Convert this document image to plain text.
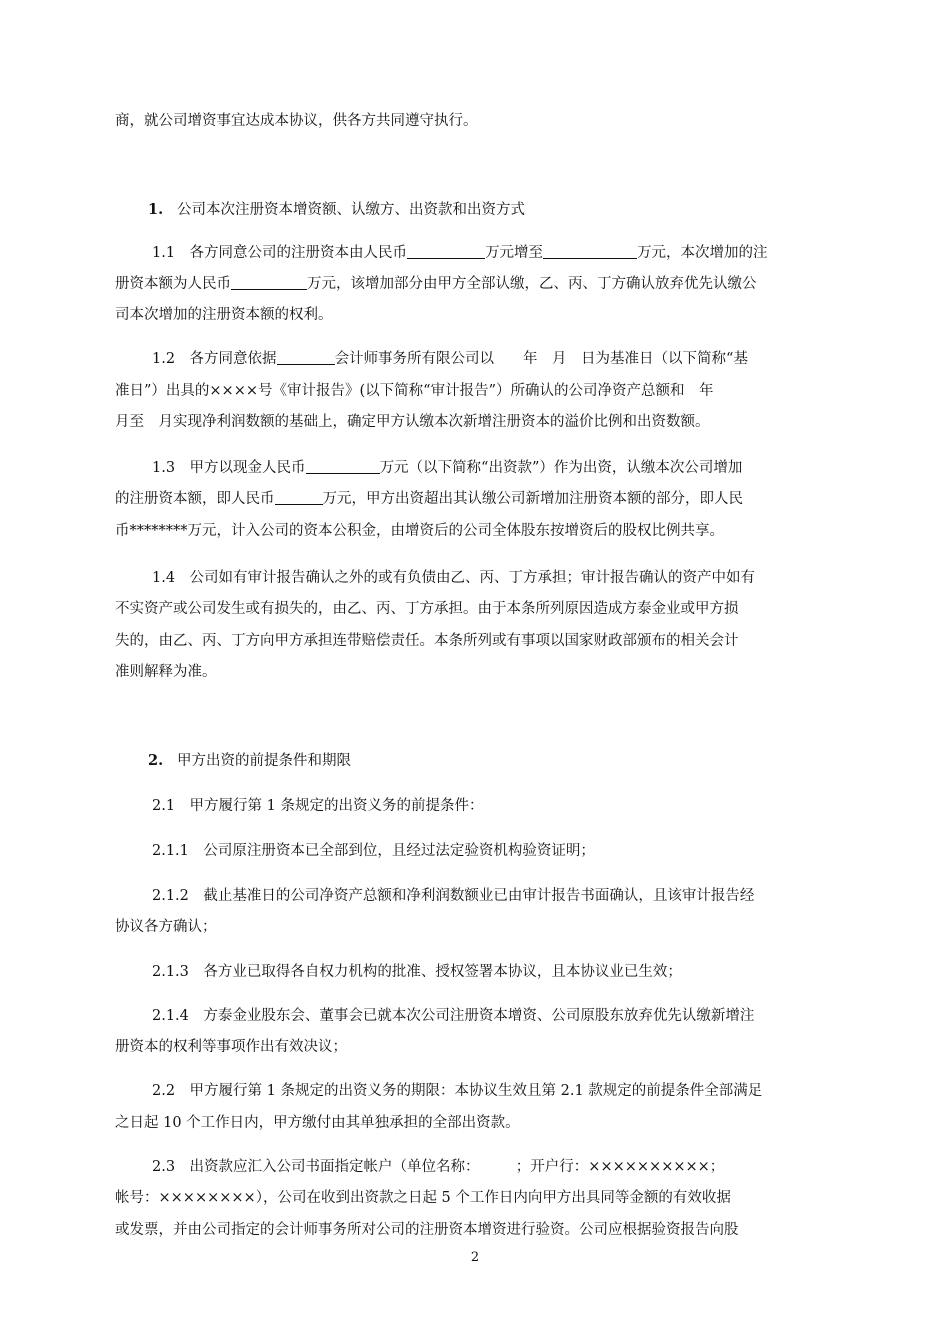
商，就公司增资事宜达成本协议，供各方共同遵守执行。
1. 公司本次注册资本增资额、认缴方、出资款和出资方式
1.1　各方同意公司的注册资本由人民币	万元增至	万元，本次增加的注
册资本额为人民币	万元，该增加部分由甲方全部认缴，乙、丙、丁方确认放弃优先认缴公
司本次增加的注册资本额的权利。
1.2　各方同意依据	会计师事务所有限公司以　　年　月　日为基准日（以下简称“基
准日”）出具的××××号《审计报告》(以下简称“审计报告”）所确认的公司净资产总额和　年
月至　月实现净利润数额的基础上，确定甲方认缴本次新增注册资本的溢价比例和出资数额。
1.3　甲方以现金人民币	万元（以下简称“出资款”）作为出资，认缴本次公司增加
的注册资本额，即人民币	万元，甲方出资超出其认缴公司新增加注册资本额的部分，即人民
币********万元，计入公司的资本公积金，由增资后的公司全体股东按增资后的股权比例共享。
1.4　公司如有审计报告确认之外的或有负债由乙、丙、丁方承担；审计报告确认的资产中如有
不实资产或公司发生或有损失的，由乙、丙、丁方承担。由于本条所列原因造成方泰金业或甲方损
失的，由乙、丙、丁方向甲方承担连带赔偿责任。本条所列或有事项以国家财政部颁布的相关会计
准则解释为准。
2. 甲方出资的前提条件和期限
2.1　甲方履行第 1 条规定的出资义务的前提条件：
2.1.1　公司原注册资本已全部到位，且经过法定验资机构验资证明；
2.1.2　截止基准日的公司净资产总额和净利润数额业已由审计报告书面确认，且该审计报告经
协议各方确认；
2.1.3　各方业已取得各自权力机构的批准、授权签署本协议，且本协议业已生效；
2.1.4　方泰金业股东会、董事会已就本次公司注册资本增资、公司原股东放弃优先认缴新增注
册资本的权利等事项作出有效决议；
2.2　甲方履行第 1 条规定的出资义务的期限：本协议生效且第 2.1 款规定的前提条件全部满足
之日起 10 个工作日内，甲方缴付由其单独承担的全部出资款。
2.3　出资款应汇入公司书面指定帐户（单位名称：　　　；开户行：××××××××××；
帐号：××××××××），公司在收到出资款之日起 5 个工作日内向甲方出具同等金额的有效收据
或发票，并由公司指定的会计师事务所对公司的注册资本增资进行验资。公司应根据验资报告向股
2
